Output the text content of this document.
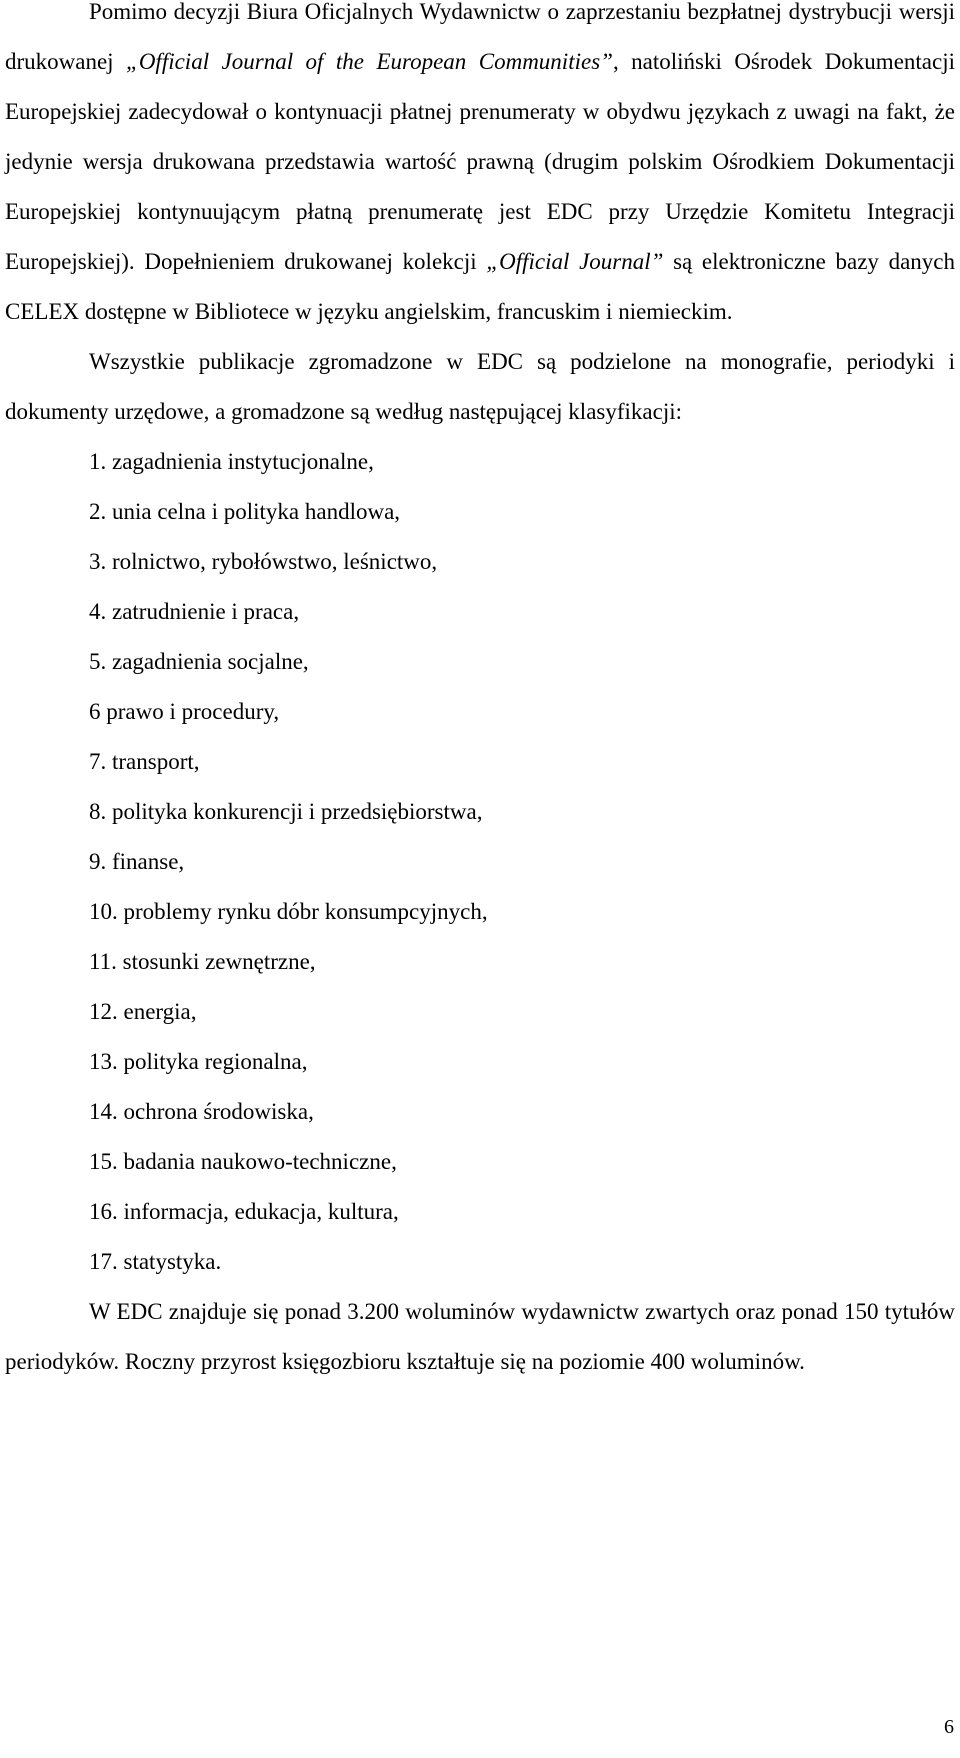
Pomimo decyzji Biura Oficjalnych Wydawnictw o zaprzestaniu bezpłatnej dystrybucji wersji drukowanej „Official Journal of the European Communities”, natoliński Ośrodek Dokumentacji Europejskiej zadecydował o kontynuacji płatnej prenumeraty w obydwu językach z uwagi na fakt, że jedynie wersja drukowana przedstawia wartość prawną (drugim polskim Ośrodkiem Dokumentacji Europejskiej kontynuującym płatną prenumeratę jest EDC przy Urzędzie Komitetu Integracji Europejskiej). Dopełnieniem drukowanej kolekcji „Official Journal” są elektroniczne bazy danych CELEX dostępne w Bibliotece w języku angielskim, francuskim i niemieckim.

Wszystkie publikacje zgromadzone w EDC są podzielone na monografie, periodyki i dokumenty urzędowe, a gromadzone są według następującej klasyfikacji:

1. zagadnienia instytucjonalne,
2. unia celna i polityka handlowa,
3. rolnictwo, rybołówstwo, leśnictwo,
4. zatrudnienie i praca,
5. zagadnienia socjalne,
6 prawo i procedury,
7. transport,
8. polityka konkurencji i przedsiębiorstwa,
9. finanse,
10. problemy rynku dóbr konsumpcyjnych,
11. stosunki zewnętrzne,
12. energia,
13. polityka regionalna,
14. ochrona środowiska,
15. badania naukowo-techniczne,
16. informacja, edukacja, kultura,
17. statystyka.

W EDC znajduje się ponad 3.200 woluminów wydawnictw zwartych oraz ponad 150 tytułów periodyków. Roczny przyrost księgozbioru kształtuje się na poziomie 400 woluminów.

6
